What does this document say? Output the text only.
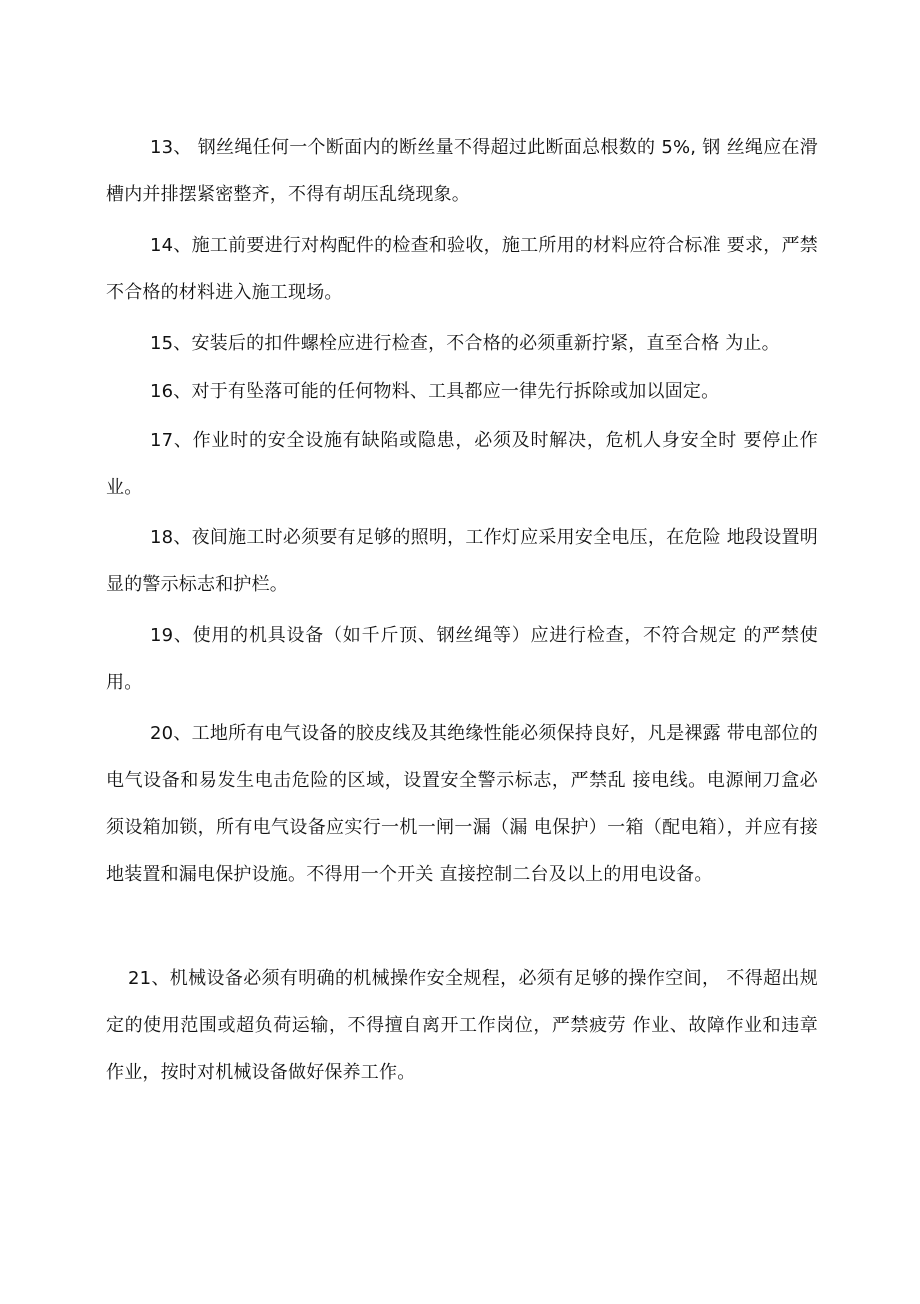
13、 钢丝绳任何一个断面内的断丝量不得超过此断面总根数的 5%, 钢 丝绳应在滑槽内并排摆紧密整齐，不得有胡压乱绕现象。

14、施工前要进行对构配件的检查和验收，施工所用的材料应符合标准 要求，严禁不合格的材料进入施工现场。

15、安装后的扣件螺栓应进行检查，不合格的必须重新拧紧，直至合格 为止。

16、对于有坠落可能的任何物料、工具都应一律先行拆除或加以固定。

17、作业时的安全设施有缺陷或隐患，必须及时解决，危机人身安全时 要停止作业。

18、夜间施工时必须要有足够的照明，工作灯应采用安全电压，在危险 地段设置明显的警示标志和护栏。

19、使用的机具设备（如千斤顶、钢丝绳等）应进行检查，不符合规定 的严禁使用。

20、工地所有电气设备的胶皮线及其绝缘性能必须保持良好，凡是裸露 带电部位的电气设备和易发生电击危险的区域，设置安全警示标志，严禁乱 接电线。电源闸刀盒必须设箱加锁，所有电气设备应实行一机一闸一漏（漏 电保护）一箱（配电箱），并应有接地装置和漏电保护设施。不得用一个开关 直接控制二台及以上的用电设备。

21、机械设备必须有明确的机械操作安全规程，必须有足够的操作空间， 不得超出规定的使用范围或超负荷运输，不得擅自离开工作岗位，严禁疲劳 作业、故障作业和违章作业，按时对机械设备做好保养工作。
